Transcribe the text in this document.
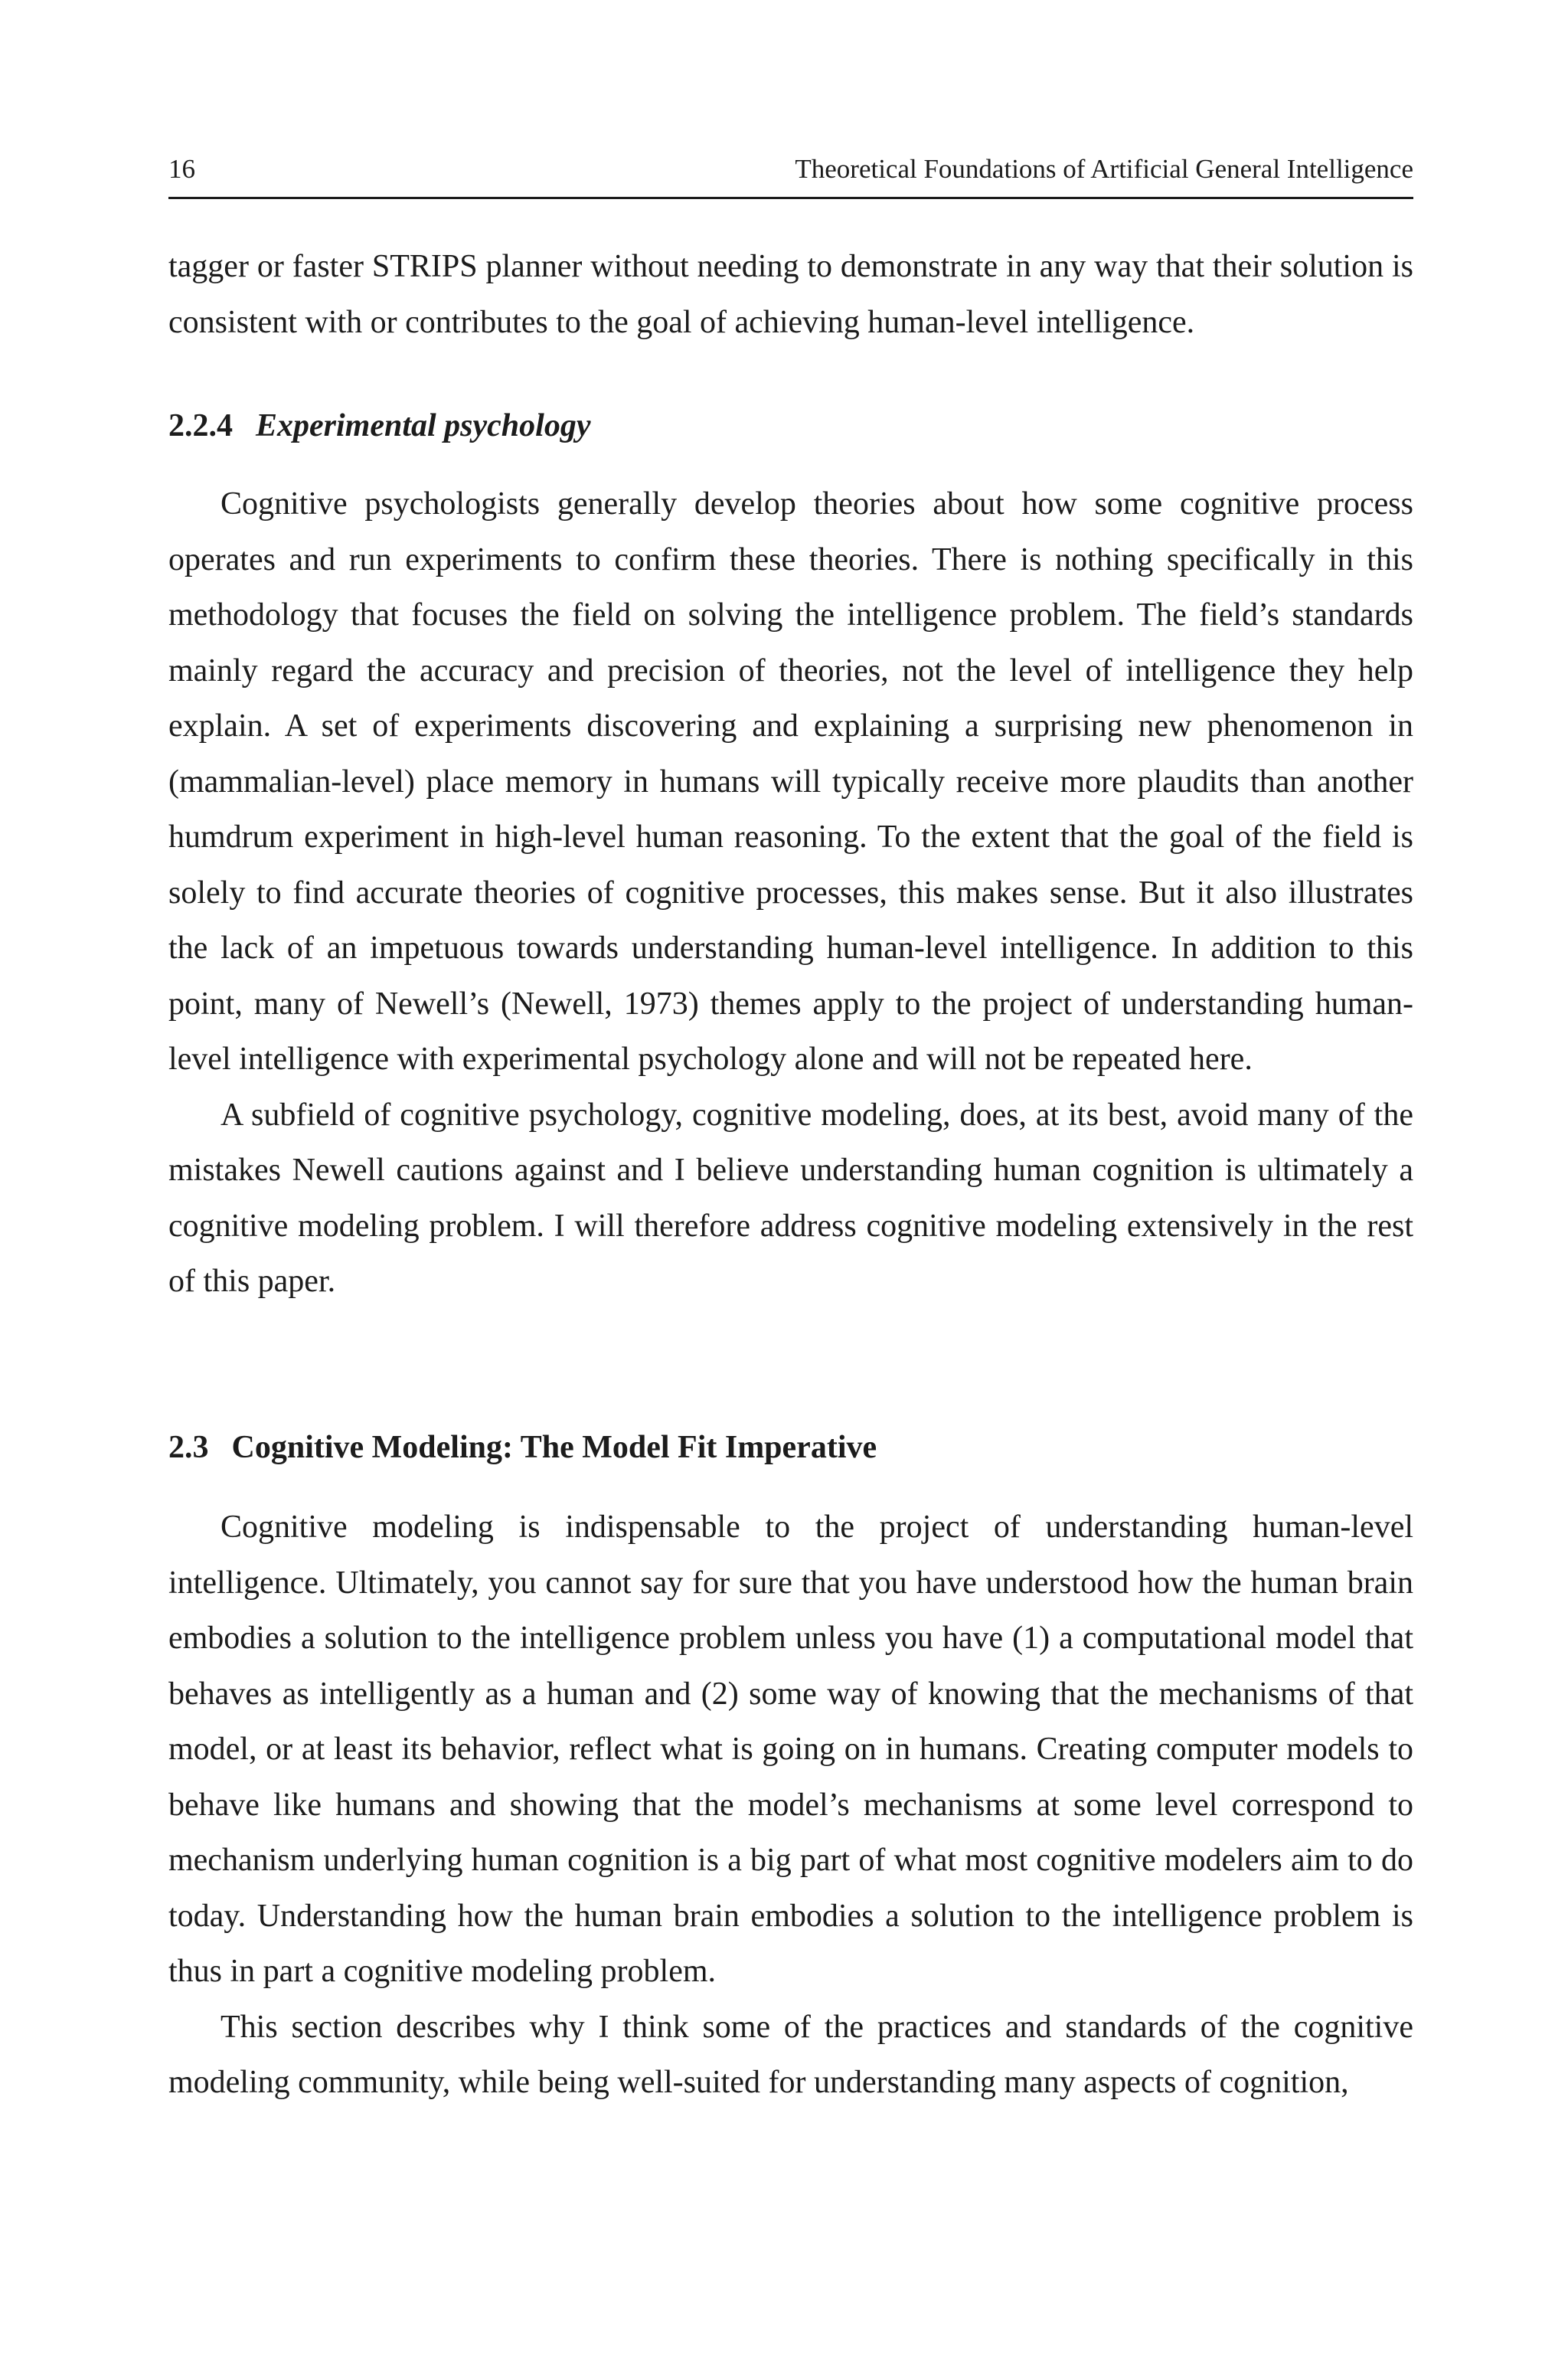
16	Theoretical Foundations of Artificial General Intelligence

tagger or faster STRIPS planner without needing to demonstrate in any way that their solution is consistent with or contributes to the goal of achieving human-level intelligence.

2.2.4 Experimental psychology

Cognitive psychologists generally develop theories about how some cognitive process operates and run experiments to confirm these theories. There is nothing specifically in this methodology that focuses the field on solving the intelligence problem. The field’s standards mainly regard the accuracy and precision of theories, not the level of intelligence they help explain. A set of experiments discovering and explaining a surprising new phenomenon in (mammalian-level) place memory in humans will typically receive more plaudits than another humdrum experiment in high-level human reasoning. To the extent that the goal of the field is solely to find accurate theories of cognitive processes, this makes sense. But it also illustrates the lack of an impetuous towards understanding human-level intelligence. In addition to this point, many of Newell’s (Newell, 1973) themes apply to the project of understanding human-level intelligence with experimental psychology alone and will not be repeated here.

A subfield of cognitive psychology, cognitive modeling, does, at its best, avoid many of the mistakes Newell cautions against and I believe understanding human cognition is ultimately a cognitive modeling problem. I will therefore address cognitive modeling extensively in the rest of this paper.

2.3 Cognitive Modeling: The Model Fit Imperative

Cognitive modeling is indispensable to the project of understanding human-level intelligence. Ultimately, you cannot say for sure that you have understood how the human brain embodies a solution to the intelligence problem unless you have (1) a computational model that behaves as intelligently as a human and (2) some way of knowing that the mechanisms of that model, or at least its behavior, reflect what is going on in humans. Creating computer models to behave like humans and showing that the model’s mechanisms at some level correspond to mechanism underlying human cognition is a big part of what most cognitive modelers aim to do today. Understanding how the human brain embodies a solution to the intelligence problem is thus in part a cognitive modeling problem.

This section describes why I think some of the practices and standards of the cognitive modeling community, while being well-suited for understanding many aspects of cognition,
